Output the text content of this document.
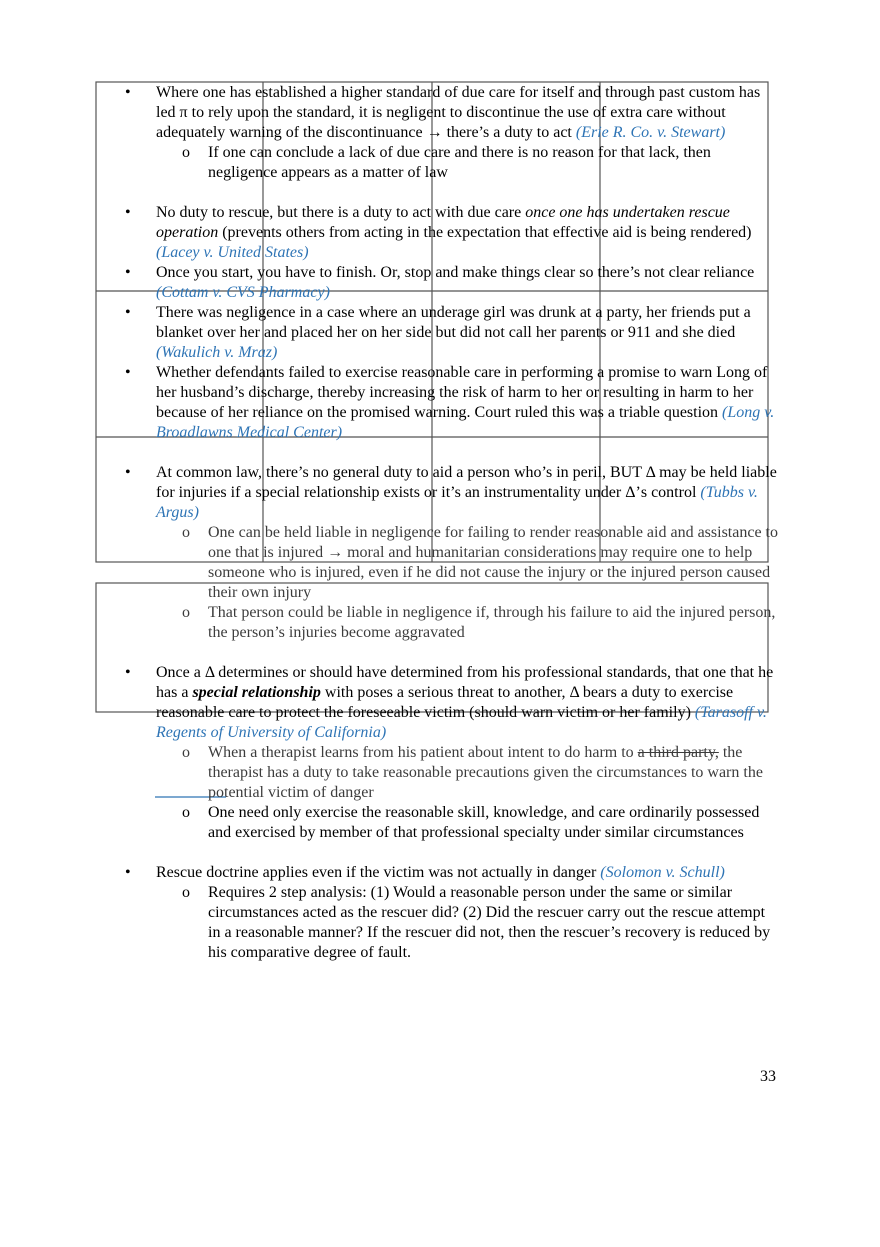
•	Where one has established a higher standard of due care for itself and through past custom has led π to rely upon the standard, it is negligent to discontinue the use of extra care without adequately warning of the discontinuance → there’s a duty to act (Erie R. Co. v. Stewart)
o If one can conclude a lack of due care and there is no reason for that lack, then negligence appears as a matter of law
•	No duty to rescue, but there is a duty to act with due care once one has undertaken rescue operation (prevents others from acting in the expectation that effective aid is being rendered) (Lacey v. United States)
•	Once you start, you have to finish. Or, stop and make things clear so there’s not clear reliance (Cottam v. CVS Pharmacy)
•	There was negligence in a case where an underage girl was drunk at a party, her friends put a blanket over her and placed her on her side but did not call her parents or 911 and she died (Wakulich v. Mraz)
•	Whether defendants failed to exercise reasonable care in performing a promise to warn Long of her husband’s discharge, thereby increasing the risk of harm to her or resulting in harm to her because of her reliance on the promised warning. Court ruled this was a triable question (Long v. Broadlawns Medical Center)
•	At common law, there’s no general duty to aid a person who’s in peril, BUT Δ may be held liable for injuries if a special relationship exists or it’s an instrumentality under Δ’s control (Tubbs v. Argus)
o One can be held liable in negligence for failing to render reasonable aid and assistance to one that is injured → moral and humanitarian considerations may require one to help someone who is injured, even if he did not cause the injury or the injured person caused their own injury
o That person could be liable in negligence if, through his failure to aid the injured person, the person’s injuries become aggravated
•	Once a Δ determines or should have determined from his professional standards, that one that he has a special relationship with poses a serious threat to another, Δ bears a duty to exercise reasonable care to protect the foreseeable victim (should warn victim or her family) (Tarasoff v. Regents of University of California)
o When a therapist learns from his patient about intent to do harm to a third party, the therapist has a duty to take reasonable precautions given the circumstances to warn the potential victim of danger
o One need only exercise the reasonable skill, knowledge, and care ordinarily possessed and exercised by member of that professional specialty under similar circumstances
•	Rescue doctrine applies even if the victim was not actually in danger (Solomon v. Schull)
o Requires 2 step analysis: (1) Would a reasonable person under the same or similar circumstances acted as the rescuer did? (2) Did the rescuer carry out the rescue attempt in a reasonable manner? If the rescuer did not, then the rescuer’s recovery is reduced by his comparative degree of fault.
33
